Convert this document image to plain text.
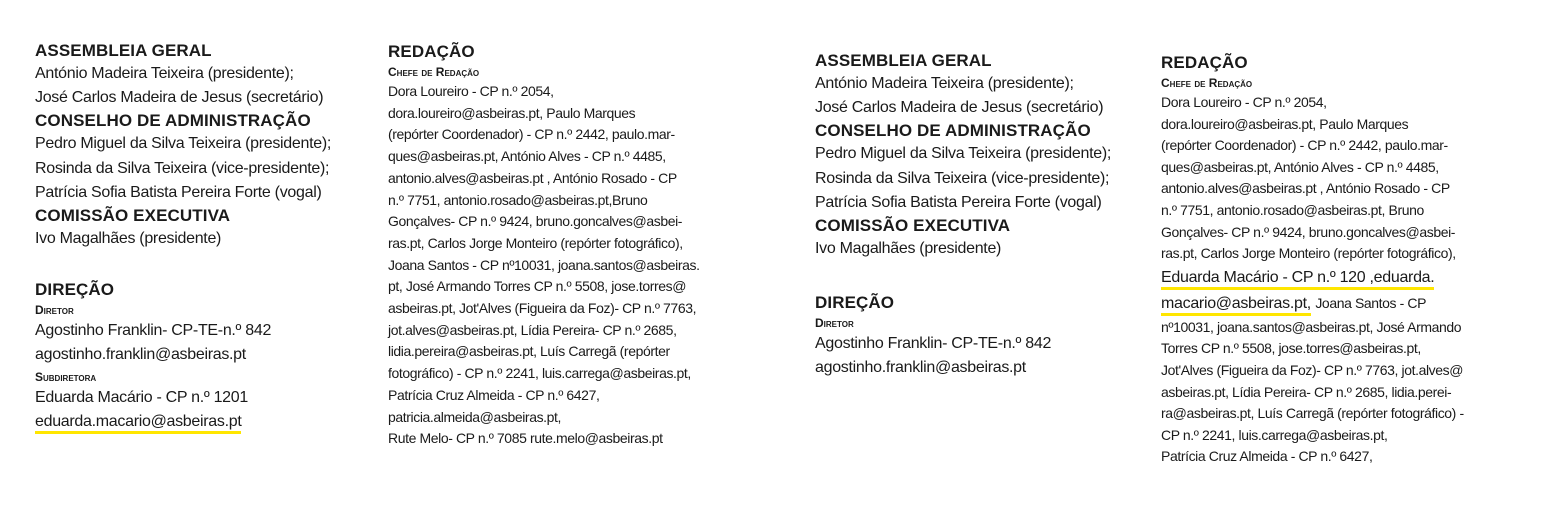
ASSEMBLEIA GERAL
António Madeira Teixeira (presidente);
José Carlos Madeira de Jesus (secretário)
CONSELHO DE ADMINISTRAÇÃO
Pedro Miguel da Silva Teixeira (presidente);
Rosinda da Silva Teixeira (vice-presidente);
Patrícia Sofia Batista Pereira Forte (vogal)
COMISSÃO EXECUTIVA
Ivo Magalhães (presidente)
DIREÇÃO
Diretor
Agostinho Franklin- CP-TE-n.º 842
agostinho.franklin@asbeiras.pt
Subdiretora
Eduarda Macário - CP n.º 1201
eduarda.macario@asbeiras.pt
REDAÇÃO
Chefe de Redação
Dora Loureiro - CP n.º 2054,
dora.loureiro@asbeiras.pt, Paulo Marques
(repórter Coordenador) - CP n.º 2442, paulo.mar-
ques@asbeiras.pt, António Alves - CP n.º 4485,
antonio.alves@asbeiras.pt , António Rosado - CP
n.º 7751, antonio.rosado@asbeiras.pt,Bruno
Gonçalves- CP n.º 9424, bruno.goncalves@asbei-
ras.pt, Carlos Jorge Monteiro (repórter fotográfico),
Joana Santos - CP nº10031, joana.santos@asbeiras.
pt, José Armando Torres CP n.º 5508, jose.torres@
asbeiras.pt, Jot'Alves (Figueira da Foz)- CP n.º 7763,
jot.alves@asbeiras.pt, Lídia Pereira- CP n.º 2685,
lidia.pereira@asbeiras.pt, Luís Carregã (repórter
fotográfico) - CP n.º 2241, luis.carrega@asbeiras.pt,
Patrícia Cruz Almeida - CP n.º 6427,
patricia.almeida@asbeiras.pt,
Rute Melo- CP n.º 7085 rute.melo@asbeiras.pt
ASSEMBLEIA GERAL
António Madeira Teixeira (presidente);
José Carlos Madeira de Jesus (secretário)
CONSELHO DE ADMINISTRAÇÃO
Pedro Miguel da Silva Teixeira (presidente);
Rosinda da Silva Teixeira (vice-presidente);
Patrícia Sofia Batista Pereira Forte (vogal)
COMISSÃO EXECUTIVA
Ivo Magalhães (presidente)
DIREÇÃO
Diretor
Agostinho Franklin- CP-TE-n.º 842
agostinho.franklin@asbeiras.pt
REDAÇÃO
Chefe de Redação
Dora Loureiro - CP n.º 2054,
dora.loureiro@asbeiras.pt, Paulo Marques
(repórter Coordenador) - CP n.º 2442, paulo.mar-
ques@asbeiras.pt, António Alves - CP n.º 4485,
antonio.alves@asbeiras.pt , António Rosado - CP
n.º 7751, antonio.rosado@asbeiras.pt, Bruno
Gonçalves- CP n.º 9424, bruno.goncalves@asbei-
ras.pt, Carlos Jorge Monteiro (repórter fotográfico),
Eduarda Macário - CP n.º 120 ,eduarda.
macario@asbeiras.pt, Joana Santos - CP
nº10031, joana.santos@asbeiras.pt, José Armando
Torres CP n.º 5508, jose.torres@asbeiras.pt,
Jot'Alves (Figueira da Foz)- CP n.º 7763, jot.alves@
asbeiras.pt, Lídia Pereira- CP n.º 2685, lidia.perei-
ra@asbeiras.pt, Luís Carregã (repórter fotográfico) -
CP n.º 2241, luis.carrega@asbeiras.pt,
Patrícia Cruz Almeida - CP n.º 6427,
